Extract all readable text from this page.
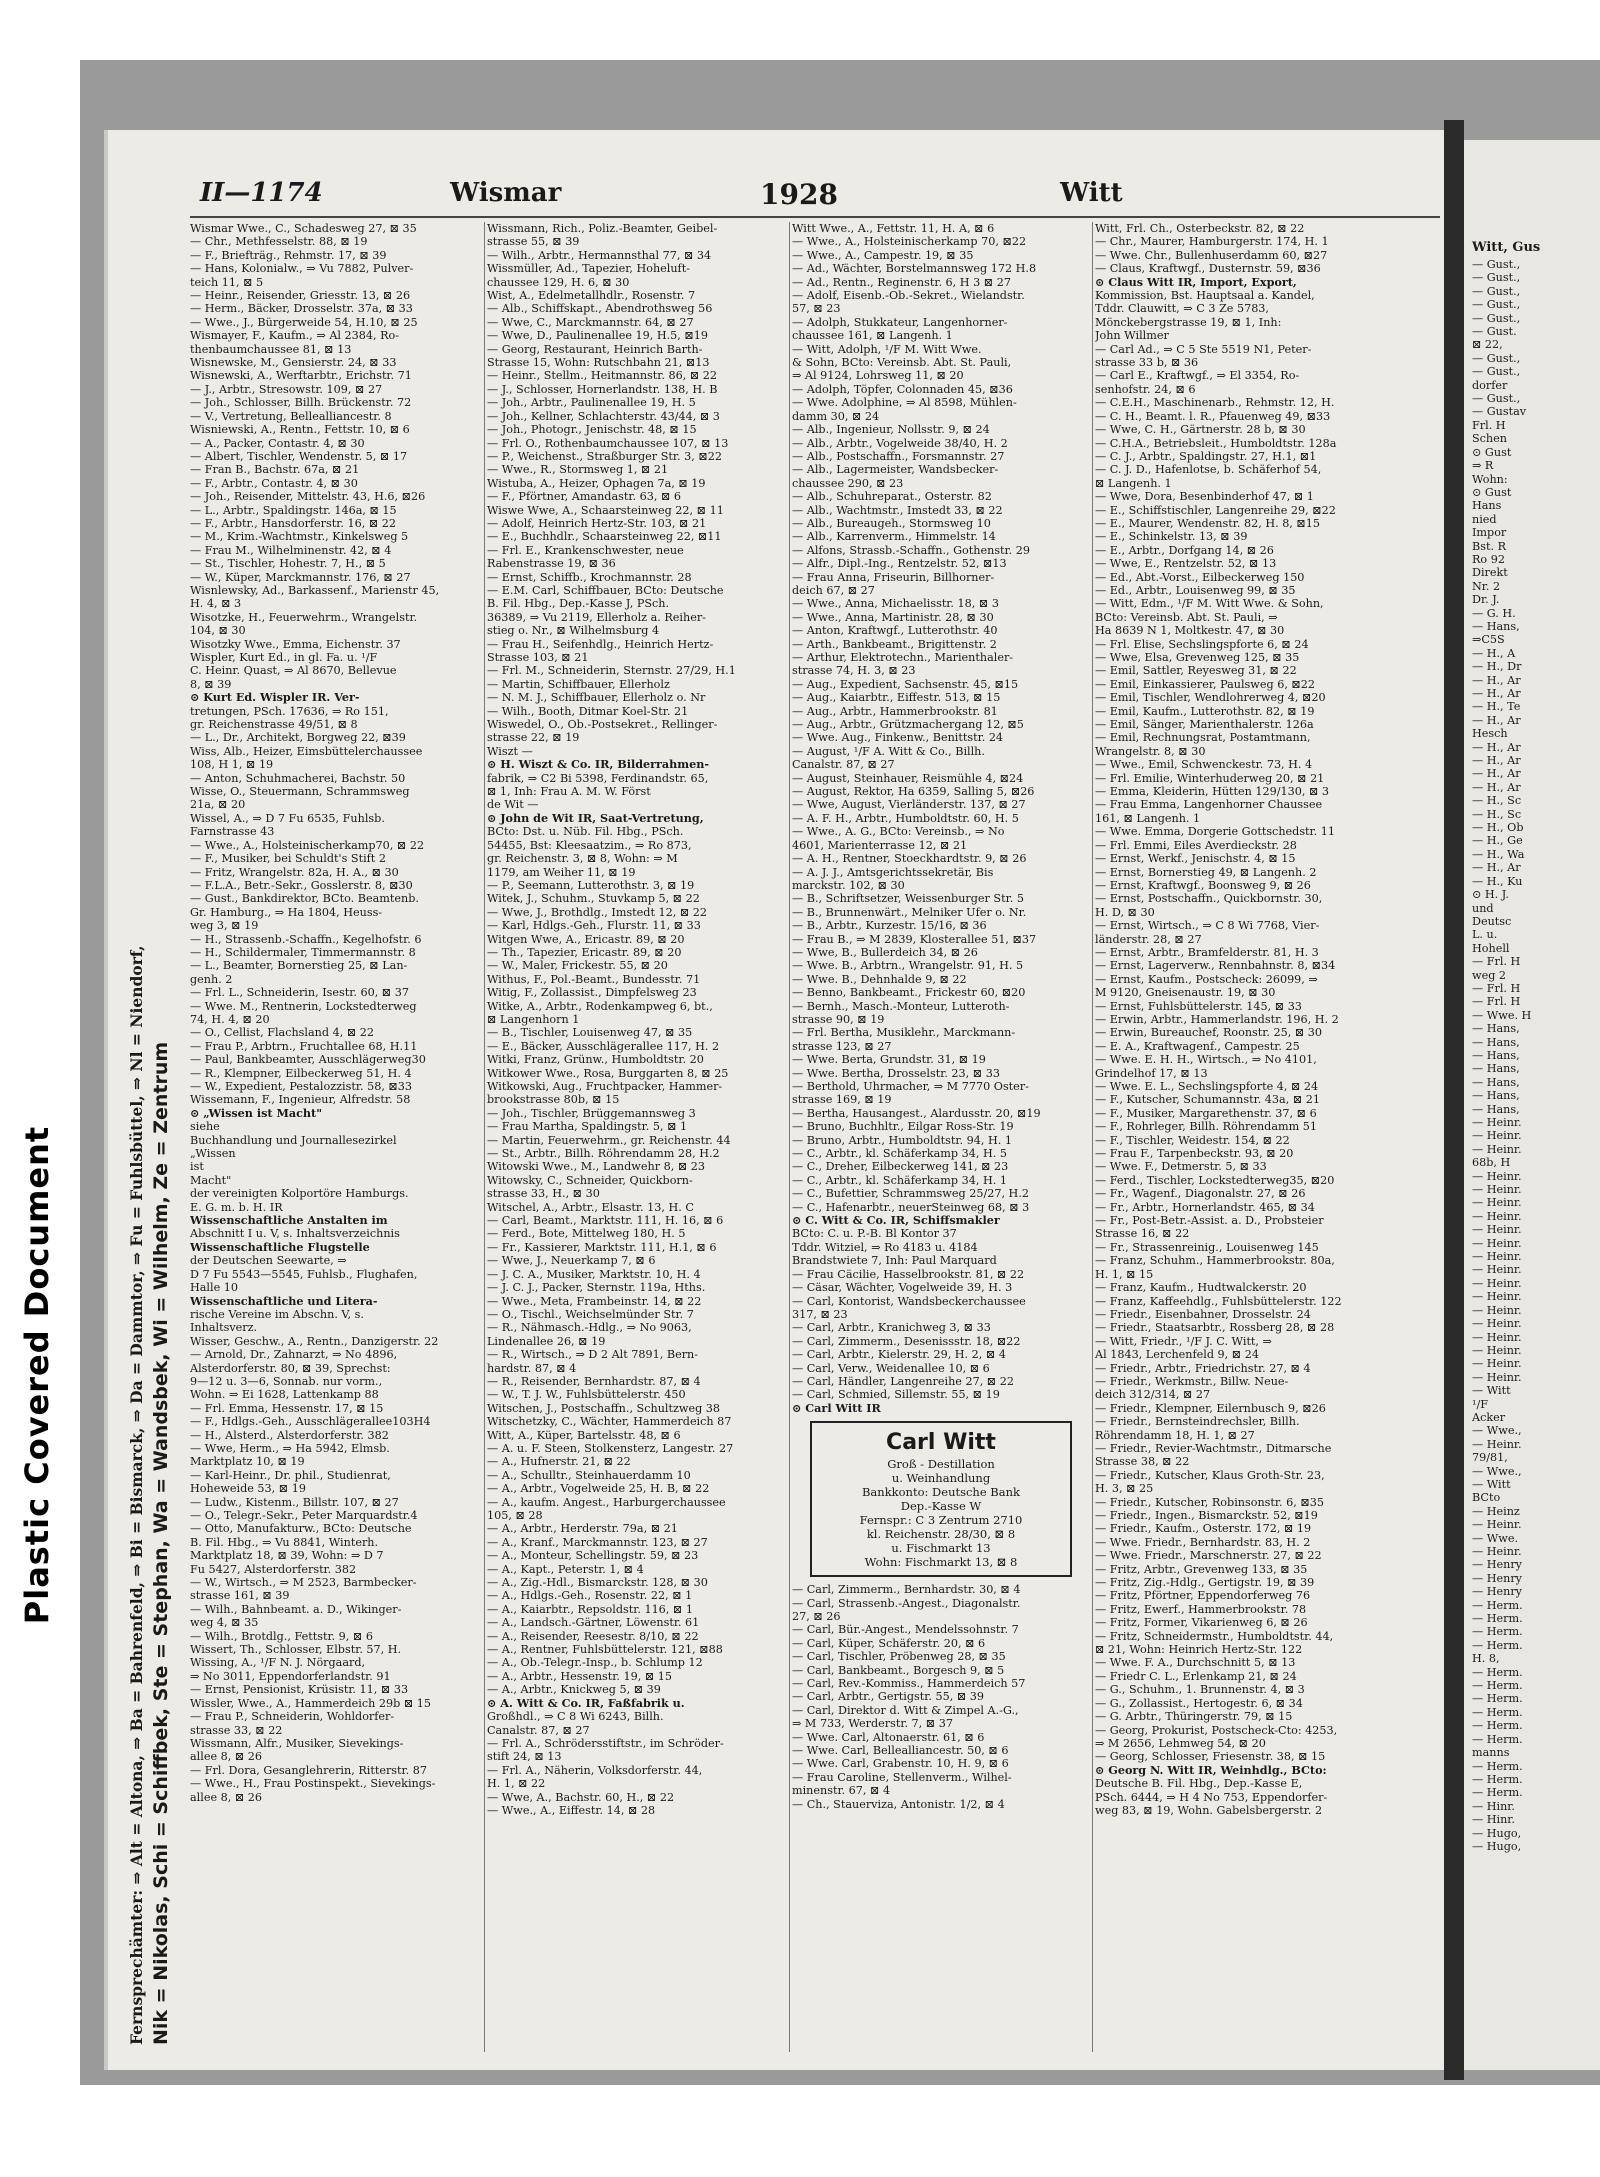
Plastic Covered Document
Witt, Gus
— Gust.,
— Gust.,
— Gust.,
— Gust.,
— Gust.,
— Gust.
⊠ 22,
— Gust.,
— Gust.,
dorfer
— Gust.,
— Gustav
Frl. H
Schen
⊙ Gust
⇒ R
Wohn:
⊙ Gust
Hans
nied
Impor
Bst. R
Ro 92
Direkt
Nr. 2
Dr. J.
— G. H.
— Hans,
⇒C5S
— H., A
— H., Dr
— H., Ar
— H., Ar
— H., Te
— H., Ar
Hesch
— H., Ar
— H., Ar
— H., Ar
— H., Ar
— H., Sc
— H., Sc
— H., Ob
— H., Ge
— H., Wa
— H., Ar
— H., Ku
⊙ H. J.
und
Deutsc
L. u.
Hohell
— Frl. H
weg 2
— Frl. H
— Frl. H
— Wwe. H
— Hans,
— Hans,
— Hans,
— Hans,
— Hans,
— Hans,
— Hans,
— Heinr.
— Heinr.
— Heinr.
68b, H
— Heinr.
— Heinr.
— Heinr.
— Heinr.
— Heinr.
— Heinr.
— Heinr.
— Heinr.
— Heinr.
— Heinr.
— Heinr.
— Heinr.
— Heinr.
— Heinr.
— Heinr.
— Heinr.
— Witt
¹/F
Acker
— Wwe.,
— Heinr.
79/81,
— Wwe.,
— Witt
BCto
— Heinz
— Heinr.
— Wwe.
— Heinr.
— Henry
— Henry
— Henry
— Herm.
— Herm.
— Herm.
— Herm.
H. 8,
— Herm.
— Herm.
— Herm.
— Herm.
— Herm.
— Herm.
manns
— Herm.
— Herm.
— Herm.
— Hinr.
— Hinr.
— Hugo,
— Hugo,
II—1174	Wismar	1928	Witt
Fernsprechämter: ⇒ Alt = Altona, ⇒ Ba = Bahrenfeld, ⇒ Bi = Bismarck, ⇒ Da = Dammtor, ⇒ Fu = Fuhlsbüttel, ⇒ Nl = Niendorf, Nik = Nikolas, Schi = Schiffbek, Ste = Stephan, Wa = Wandsbek, Wi = Wilhelm, Ze = Zentrum
Wismar Wwe., C., Schadesweg 27, ⊠ 35
— Chr., Methfesselstr. 88, ⊠ 19
— F., Briefträg., Rehmstr. 17, ⊠ 39
— Hans, Kolonialw., ⇒ Vu 7882, Pulver-
teich 11, ⊠ 5
— Heinr., Reisender, Griesstr. 13, ⊠ 26
— Herm., Bäcker, Drosselstr. 37a, ⊠ 33
— Wwe., J., Bürgerweide 54, H.10, ⊠ 25
Wismayer, F., Kaufm., ⇒ Al 2384, Ro-
thenbaumchaussee 81, ⊠ 13
Wisnewske, M., Gensierstr. 24, ⊠ 33
Wisnewski, A., Werftarbtr., Erichstr. 71
— J., Arbtr., Stresowstr. 109, ⊠ 27
— Joh., Schlosser, Billh. Brückenstr. 72
— V., Vertretung, Bellealliancestr. 8
Wisniewski, A., Rentn., Fettstr. 10, ⊠ 6
— A., Packer, Contastr. 4, ⊠ 30
— Albert, Tischler, Wendenstr. 5, ⊠ 17
— Fran B., Bachstr. 67a, ⊠ 21
— F., Arbtr., Contastr. 4, ⊠ 30
— Joh., Reisender, Mittelstr. 43, H.6, ⊠26
— L., Arbtr., Spaldingstr. 146a, ⊠ 15
— F., Arbtr., Hansdorferstr. 16, ⊠ 22
— M., Krim.-Wachtmstr., Kinkelsweg 5
— Frau M., Wilhelminenstr. 42, ⊠ 4
— St., Tischler, Hohestr. 7, H., ⊠ 5
— W., Küper, Marckmannstr. 176, ⊠ 27
Wisnlewsky, Ad., Barkassenf., Marienstr 45,
H. 4, ⊠ 3
Wisotzke, H., Feuerwehrm., Wrangelstr.
104, ⊠ 30
Wisotzky Wwe., Emma, Eichenstr. 37
Wispler, Kurt Ed., in gl. Fa. u. ¹/F
C. Heinr. Quast, ⇒ Al 8670, Bellevue
8, ⊠ 39
⊙ Kurt Ed. Wispler IR. Ver-
tretungen, PSch. 17636, ⇒ Ro 151,
gr. Reichenstrasse 49/51, ⊠ 8
— L., Dr., Architekt, Borgweg 22, ⊠39
Wiss, Alb., Heizer, Eimsbüttelerchaussee
108, H 1, ⊠ 19
— Anton, Schuhmacherei, Bachstr. 50
Wisse, O., Steuermann, Schrammsweg
21a, ⊠ 20
Wissel, A., ⇒ D 7 Fu 6535, Fuhlsb.
Farnstrasse 43
— Wwe., A., Holsteinischerkamp70, ⊠ 22
— F., Musiker, bei Schuldt's Stift 2
— Fritz, Wrangelstr. 82a, H. A., ⊠ 30
— F.L.A., Betr.-Sekr., Gosslerstr. 8, ⊠30
— Gust., Bankdirektor, BCto. Beamtenb.
Gr. Hamburg., ⇒ Ha 1804, Heuss-
weg 3, ⊠ 19
— H., Strassenb.-Schaffn., Kegelhofstr. 6
— H., Schildermaler, Timmermannstr. 8
— L., Beamter, Bornerstieg 25, ⊠ Lan-
genh. 2
— Frl. L., Schneiderin, Isestr. 60, ⊠ 37
— Wwe. M., Rentnerin, Lockstedterweg
74, H. 4, ⊠ 20
— O., Cellist, Flachsland 4, ⊠ 22
— Frau P., Arbtrn., Fruchtallee 68, H.11
— Paul, Bankbeamter, Ausschlägerweg30
— R., Klempner, Eilbeckerweg 51, H. 4
— W., Expedient, Pestalozzistr. 58, ⊠33
Wissemann, F., Ingenieur, Alfredstr. 58
⊙ „Wissen ist Macht"
siehe
Buchhandlung und Journallesezirkel
„Wissen
ist
Macht"
der vereinigten Kolportöre Hamburgs.
E. G. m. b. H. IR
Wissenschaftliche Anstalten im
Abschnitt I u. V, s. Inhaltsverzeichnis
Wissenschaftliche Flugstelle
der Deutschen Seewarte, ⇒
D 7 Fu 5543—5545, Fuhlsb., Flughafen,
Halle 10
Wissenschaftliche und Litera-
rische Vereine im Abschn. V, s.
Inhaltsverz.
Wisser, Geschw., A., Rentn., Danzigerstr. 22
— Arnold, Dr., Zahnarzt, ⇒ No 4896,
Alsterdorferstr. 80, ⊠ 39, Sprechst:
9—12 u. 3—6, Sonnab. nur vorm.,
Wohn. ⇒ Ei 1628, Lattenkamp 88
— Frl. Emma, Hessenstr. 17, ⊠ 15
— F., Hdlgs.-Geh., Ausschlägerallee103H4
— H., Alsterd., Alsterdorferstr. 382
— Wwe, Herm., ⇒ Ha 5942, Elmsb.
Marktplatz 10, ⊠ 19
— Karl-Heinr., Dr. phil., Studienrat,
Hoheweide 53, ⊠ 19
— Ludw., Kistenm., Billstr. 107, ⊠ 27
— O., Telegr.-Sekr., Peter Marquardstr.4
— Otto, Manufakturw., BCto: Deutsche
B. Fil. Hbg., ⇒ Vu 8841, Winterh.
Marktplatz 18, ⊠ 39, Wohn: ⇒ D 7
Fu 5427, Alsterdorferstr. 382
— W., Wirtsch., ⇒ M 2523, Barmbecker-
strasse 161, ⊠ 39
— Wilh., Bahnbeamt. a. D., Wikinger-
weg 4, ⊠ 35
— Wilh., Brotdlg., Fettstr. 9, ⊠ 6
Wissert, Th., Schlosser, Elbstr. 57, H.
Wissing, A., ¹/F N. J. Nörgaard,
⇒ No 3011, Eppendorferlandstr. 91
— Ernst, Pensionist, Krüsistr. 11, ⊠ 33
Wissler, Wwe., A., Hammerdeich 29b ⊠ 15
— Frau P., Schneiderin, Wohldorfer-
strasse 33, ⊠ 22
Wissmann, Alfr., Musiker, Sievekings-
allee 8, ⊠ 26
— Frl. Dora, Gesanglehrerin, Ritterstr. 87
— Wwe., H., Frau Postinspekt., Sievekings-
allee 8, ⊠ 26
Wissmann, Rich., Poliz.-Beamter, Geibel-
strasse 55, ⊠ 39
— Wilh., Arbtr., Hermannsthal 77, ⊠ 34
Wissmüller, Ad., Tapezier, Hoheluft-
chaussee 129, H. 6, ⊠ 30
Wist, A., Edelmetallhdlr., Rosenstr. 7
— Alb., Schiffskapt., Abendrothsweg 56
— Wwe, C., Marckmannstr. 64, ⊠ 27
— Wwe, D., Paulinenallee 19, H.5, ⊠19
— Georg, Restaurant, Heinrich Barth-
Strasse 15, Wohn: Rutschbahn 21, ⊠13
— Heinr., Stellm., Heitmannstr. 86, ⊠ 22
— J., Schlosser, Hornerlandstr. 138, H. B
— Joh., Arbtr., Paulinenallee 19, H. 5
— Joh., Kellner, Schlachterstr. 43/44, ⊠ 3
— Joh., Photogr., Jenischstr. 48, ⊠ 15
— Frl. O., Rothenbaumchaussee 107, ⊠ 13
— P., Weichenst., Straßburger Str. 3, ⊠22
— Wwe., R., Stormsweg 1, ⊠ 21
Wistuba, A., Heizer, Ophagen 7a, ⊠ 19
— F., Pförtner, Amandastr. 63, ⊠ 6
Wiswe Wwe, A., Schaarsteinweg 22, ⊠ 11
— Adolf, Heinrich Hertz-Str. 103, ⊠ 21
— E., Buchhdlr., Schaarsteinweg 22, ⊠11
— Frl. E., Krankenschwester, neue
Rabenstrasse 19, ⊠ 36
— Ernst, Schiffb., Krochmannstr. 28
— E.M. Carl, Schiffbauer, BCto: Deutsche
B. Fil. Hbg., Dep.-Kasse J, PSch.
36389, ⇒ Vu 2119, Ellerholz a. Reiher-
stieg o. Nr., ⊠ Wilhelmsburg 4
— Frau H., Seifenhdlg., Heinrich Hertz-
Strasse 103, ⊠ 21
— Frl. M., Schneiderin, Sternstr. 27/29, H.1
— Martin, Schiffbauer, Ellerholz
— N. M. J., Schiffbauer, Ellerholz o. Nr
— Wilh., Booth, Ditmar Koel-Str. 21
Wiswedel, O., Ob.-Postsekret., Rellinger-
strasse 22, ⊠ 19
Wiszt —
⊙ H. Wiszt & Co. IR, Bilderrahmen-
fabrik, ⇒ C2 Bi 5398, Ferdinandstr. 65,
⊠ 1, Inh: Frau A. M. W. Först
de Wit —
⊙ John de Wit IR, Saat-Vertretung,
BCto: Dst. u. Nüb. Fil. Hbg., PSch.
54455, Bst: Kleesaatzim., ⇒ Ro 873,
gr. Reichenstr. 3, ⊠ 8, Wohn: ⇒ M
1179, am Weiher 11, ⊠ 19
— P., Seemann, Lutterothstr. 3, ⊠ 19
Witek, J., Schuhm., Stuvkamp 5, ⊠ 22
— Wwe, J., Brothdlg., Imstedt 12, ⊠ 22
— Karl, Hdlgs.-Geh., Flurstr. 11, ⊠ 33
Witgen Wwe, A., Ericastr. 89, ⊠ 20
— Th., Tapezier, Ericastr. 89, ⊠ 20
— W., Maler, Frickestr. 55, ⊠ 20
Withus, F., Pol.-Beamt., Bundesstr. 71
Witig, F., Zollassist., Dimpfelsweg 23
Witke, A., Arbtr., Rodenkampweg 6, bt.,
⊠ Langenhorn 1
— B., Tischler, Louisenweg 47, ⊠ 35
— E., Bäcker, Ausschlägerallee 117, H. 2
Witki, Franz, Grünw., Humboldtstr. 20
Witkower Wwe., Rosa, Burggarten 8, ⊠ 25
Witkowski, Aug., Fruchtpacker, Hammer-
brookstrasse 80b, ⊠ 15
— Joh., Tischler, Brüggemannsweg 3
— Frau Martha, Spaldingstr. 5, ⊠ 1
— Martin, Feuerwehrm., gr. Reichenstr. 44
— St., Arbtr., Billh. Röhrendamm 28, H.2
Witowski Wwe., M., Landwehr 8, ⊠ 23
Witowsky, C., Schneider, Quickborn-
strasse 33, H., ⊠ 30
Witschel, A., Arbtr., Elsastr. 13, H. C
— Carl, Beamt., Marktstr. 111, H. 16, ⊠ 6
— Ferd., Bote, Mittelweg 180, H. 5
— Fr., Kassierer, Marktstr. 111, H.1, ⊠ 6
— Wwe, J., Neuerkamp 7, ⊠ 6
— J. C. A., Musiker, Marktstr. 10, H. 4
— J. C. J., Packer, Sternstr. 119a, Hths.
— Wwe., Meta, Frambeinstr. 14, ⊠ 22
— O., Tischl., Weichselmünder Str. 7
— R., Nähmasch.-Hdlg., ⇒ No 9063,
Lindenallee 26, ⊠ 19
— R., Wirtsch., ⇒ D 2 Alt 7891, Bern-
hardstr. 87, ⊠ 4
— R., Reisender, Bernhardstr. 87, ⊠ 4
— W., T. J. W., Fuhlsbüttelerstr. 450
Witschen, J., Postschaffn., Schultzweg 38
Witschetzky, C., Wächter, Hammerdeich 87
Witt, A., Küper, Bartelsstr. 48, ⊠ 6
— A. u. F. Steen, Stolkensterz, Langestr. 27
— A., Hufnerstr. 21, ⊠ 22
— A., Schulltr., Steinhauerdamm 10
— A., Arbtr., Vogelweide 25, H. B, ⊠ 22
— A., kaufm. Angest., Harburgerchaussee
105, ⊠ 28
— A., Arbtr., Herderstr. 79a, ⊠ 21
— A., Kranf., Marckmannstr. 123, ⊠ 27
— A., Monteur, Schellingstr. 59, ⊠ 23
— A., Kapt., Peterstr. 1, ⊠ 4
— A., Zig.-Hdl., Bismarckstr. 128, ⊠ 30
— A., Hdlgs.-Geh., Rosenstr. 22, ⊠ 1
— A., Kaiarbtr., Repsoldstr. 116, ⊠ 1
— A., Landsch.-Gärtner, Löwenstr. 61
— A., Reisender, Reesestr. 8/10, ⊠ 22
— A., Rentner, Fuhlsbüttelerstr. 121, ⊠88
— A., Ob.-Telegr.-Insp., b. Schlump 12
— A., Arbtr., Hessenstr. 19, ⊠ 15
— A., Arbtr., Knickweg 5, ⊠ 39
⊙ A. Witt & Co. IR, Faßfabrik u.
Großhdl., ⇒ C 8 Wi 6243, Billh.
Canalstr. 87, ⊠ 27
— Frl. A., Schrödersstiftstr., im Schröder-
stift 24, ⊠ 13
— Frl. A., Näherin, Volksdorferstr. 44,
H. 1, ⊠ 22
— Wwe, A., Bachstr. 60, H., ⊠ 22
— Wwe., A., Eiffestr. 14, ⊠ 28
Witt Wwe., A., Fettstr. 11, H. A, ⊠ 6
— Wwe., A., Holsteinischerkamp 70, ⊠22
— Wwe., A., Campestr. 19, ⊠ 35
— Ad., Wächter, Borstelmannsweg 172 H.8
— Ad., Rentn., Reginenstr. 6, H 3 ⊠ 27
— Adolf, Eisenb.-Ob.-Sekret., Wielandstr.
57, ⊠ 23
— Adolph, Stukkateur, Langenhorner-
chaussee 161, ⊠ Langenh. 1
— Witt, Adolph, ¹/F M. Witt Wwe.
& Sohn, BCto: Vereinsb. Abt. St. Pauli,
⇒ Al 9124, Lohrsweg 11, ⊠ 20
— Adolph, Töpfer, Colonnaden 45, ⊠36
— Wwe. Adolphine, ⇒ Al 8598, Mühlen-
damm 30, ⊠ 24
— Alb., Ingenieur, Nollsstr. 9, ⊠ 24
— Alb., Arbtr., Vogelweide 38/40, H. 2
— Alb., Postschaffn., Forsmannstr. 27
— Alb., Lagermeister, Wandsbecker-
chaussee 290, ⊠ 23
— Alb., Schuhreparat., Osterstr. 82
— Alb., Wachtmstr., Imstedt 33, ⊠ 22
— Alb., Bureaugeh., Stormsweg 10
— Alb., Karrenverm., Himmelstr. 14
— Alfons, Strassb.-Schaffn., Gothenstr. 29
— Alfr., Dipl.-Ing., Rentzelstr. 52, ⊠13
— Frau Anna, Friseurin, Billhorner-
deich 67, ⊠ 27
— Wwe., Anna, Michaelisstr. 18, ⊠ 3
— Wwe., Anna, Martinistr. 28, ⊠ 30
— Anton, Kraftwgf., Lutterothstr. 40
— Arth., Bankbeamt., Brigittenstr. 2
— Arthur, Elektrotechn., Marienthaler-
strasse 74, H. 3, ⊠ 23
— Aug., Expedient, Sachsenstr. 45, ⊠15
— Aug., Kaiarbtr., Eiffestr. 513, ⊠ 15
— Aug., Arbtr., Hammerbrookstr. 81
— Aug., Arbtr., Grützmachergang 12, ⊠5
— Wwe. Aug., Finkenw., Benittstr. 24
— August, ¹/F A. Witt & Co., Billh.
Canalstr. 87, ⊠ 27
— August, Steinhauer, Reismühle 4, ⊠24
— August, Rektor, Ha 6359, Salling 5, ⊠26
— Wwe, August, Vierländerstr. 137, ⊠ 27
— A. F. H., Arbtr., Humboldtstr. 60, H. 5
— Wwe., A. G., BCto: Vereinsb., ⇒ No
4601, Marienterrasse 12, ⊠ 21
— A. H., Rentner, Stoeckhardtstr. 9, ⊠ 26
— A. J. J., Amtsgerichtssekretär, Bis
marckstr. 102, ⊠ 30
— B., Schriftsetzer, Weissenburger Str. 5
— B., Brunnenwärt., Melniker Ufer o. Nr.
— B., Arbtr., Kurzestr. 15/16, ⊠ 36
— Frau B., ⇒ M 2839, Klosterallee 51, ⊠37
— Wwe, B., Bullerdeich 34, ⊠ 26
— Wwe. B., Arbtrn., Wrangelstr. 91, H. 5
— Wwe. B., Dehnhalde 9, ⊠ 22
— Benno, Bankbeamt., Frickestr 60, ⊠20
— Bernh., Masch.-Monteur, Lutteroth-
strasse 90, ⊠ 19
— Frl. Bertha, Musiklehr., Marckmann-
strasse 123, ⊠ 27
— Wwe. Berta, Grundstr. 31, ⊠ 19
— Wwe. Bertha, Drosselstr. 23, ⊠ 33
— Berthold, Uhrmacher, ⇒ M 7770 Oster-
strasse 169, ⊠ 19
— Bertha, Hausangest., Alardusstr. 20, ⊠19
— Bruno, Buchhltr., Eilgar Ross-Str. 19
— Bruno, Arbtr., Humboldtstr. 94, H. 1
— C., Arbtr., kl. Schäferkamp 34, H. 5
— C., Dreher, Eilbeckerweg 141, ⊠ 23
— C., Arbtr., kl. Schäferkamp 34, H. 1
— C., Bufettier, Schrammsweg 25/27, H.2
— C., Hafenarbtr., neuerSteinweg 68, ⊠ 3
⊙ C. Witt & Co. IR, Schiffsmakler
BCto: C. u. P.-B. Bl Kontor 37
Tddr. Witziel, ⇒ Ro 4183 u. 4184
Brandstwiete 7, Inh: Paul Marquard
— Frau Cäcilie, Hasselbrookstr. 81, ⊠ 22
— Cäsar, Wächter, Vogelweide 39, H. 3
— Carl, Kontorist, Wandsbeckerchaussee
317, ⊠ 23
— Carl, Arbtr., Kranichweg 3, ⊠ 33
— Carl, Zimmerm., Desenissstr. 18, ⊠22
— Carl, Arbtr., Kielerstr. 29, H. 2, ⊠ 4
— Carl, Verw., Weidenallee 10, ⊠ 6
— Carl, Händler, Langenreihe 27, ⊠ 22
— Carl, Schmied, Sillemstr. 55, ⊠ 19
⊙ Carl Witt IR
Carl Witt
Groß - Destillation
u. Weinhandlung
Bankkonto: Deutsche Bank
Dep.-Kasse W
Fernspr.: C 3 Zentrum 2710
kl. Reichenstr. 28/30, ⊠ 8
u. Fischmarkt 13
Wohn: Fischmarkt 13, ⊠ 8
— Carl, Zimmerm., Bernhardstr. 30, ⊠ 4
— Carl, Strassenb.-Angest., Diagonalstr.
27, ⊠ 26
— Carl, Bür.-Angest., Mendelssohnstr. 7
— Carl, Küper, Schäferstr. 20, ⊠ 6
— Carl, Tischler, Pröbenweg 28, ⊠ 35
— Carl, Bankbeamt., Borgesch 9, ⊠ 5
— Carl, Rev.-Kommiss., Hammerdeich 57
— Carl, Arbtr., Gertigstr. 55, ⊠ 39
— Carl, Direktor d. Witt & Zimpel A.-G.,
⇒ M 733, Werderstr. 7, ⊠ 37
— Wwe. Carl, Altonaerstr. 61, ⊠ 6
— Wwe. Carl, Bellealliancestr. 50, ⊠ 6
— Wwe. Carl, Grabenstr. 10, H. 9, ⊠ 6
— Frau Caroline, Stellenverm., Wilhel-
minenstr. 67, ⊠ 4
— Ch., Stauerviza, Antonistr. 1/2, ⊠ 4
Witt, Frl. Ch., Osterbeckstr. 82, ⊠ 22
— Chr., Maurer, Hamburgerstr. 174, H. 1
— Wwe. Chr., Bullenhuserdamm 60, ⊠27
— Claus, Kraftwgf., Dusternstr. 59, ⊠36
⊙ Claus Witt IR, Import, Export,
Kommission, Bst. Hauptsaal a. Kandel,
Tddr. Clauwitt, ⇒ C 3 Ze 5783,
Mönckebergstrasse 19, ⊠ 1, Inh:
John Willmer
— Carl Ad., ⇒ C 5 Ste 5519 N1, Peter-
strasse 33 b, ⊠ 36
— Carl E., Kraftwgf., ⇒ El 3354, Ro-
senhofstr. 24, ⊠ 6
— C.E.H., Maschinenarb., Rehmstr. 12, H.
— C. H., Beamt. l. R., Pfauenweg 49, ⊠33
— Wwe, C. H., Gärtnerstr. 28 b, ⊠ 30
— C.H.A., Betriebsleit., Humboldtstr. 128a
— C. J., Arbtr., Spaldingstr. 27, H.1, ⊠1
— C. J. D., Hafenlotse, b. Schäferhof 54,
⊠ Langenh. 1
— Wwe, Dora, Besenbinderhof 47, ⊠ 1
— E., Schiffstischler, Langenreihe 29, ⊠22
— E., Maurer, Wendenstr. 82, H. 8, ⊠15
— E., Schinkelstr. 13, ⊠ 39
— E., Arbtr., Dorfgang 14, ⊠ 26
— Wwe, E., Rentzelstr. 52, ⊠ 13
— Ed., Abt.-Vorst., Eilbeckerweg 150
— Ed., Arbtr., Louisenweg 99, ⊠ 35
— Witt, Edm., ¹/F M. Witt Wwe. & Sohn,
BCto: Vereinsb. Abt. St. Pauli, ⇒
Ha 8639 N 1, Moltkestr. 47, ⊠ 30
— Frl. Elise, Sechslingspforte 6, ⊠ 24
— Wwe, Elsa, Grevenweg 125, ⊠ 35
— Emil, Sattler, Reyesweg 31, ⊠ 22
— Emil, Einkassierer, Paulsweg 6, ⊠22
— Emil, Tischler, Wendlohrerweg 4, ⊠20
— Emil, Kaufm., Lutterothstr. 82, ⊠ 19
— Emil, Sänger, Marienthalerstr. 126a
— Emil, Rechnungsrat, Postamtmann,
Wrangelstr. 8, ⊠ 30
— Wwe., Emil, Schwenckestr. 73, H. 4
— Frl. Emilie, Winterhuderweg 20, ⊠ 21
— Emma, Kleiderin, Hütten 129/130, ⊠ 3
— Frau Emma, Langenhorner Chaussee
161, ⊠ Langenh. 1
— Wwe. Emma, Dorgerie Gottschedstr. 11
— Frl. Emmi, Eiles Averdieckstr. 28
— Ernst, Werkf., Jenischstr. 4, ⊠ 15
— Ernst, Bornerstieg 49, ⊠ Langenh. 2
— Ernst, Kraftwgf., Boonsweg 9, ⊠ 26
— Ernst, Postschaffn., Quickbornstr. 30,
H. D, ⊠ 30
— Ernst, Wirtsch., ⇒ C 8 Wi 7768, Vier-
länderstr. 28, ⊠ 27
— Ernst, Arbtr., Bramfelderstr. 81, H. 3
— Ernst, Lagerverw., Rennbahnstr. 8, ⊠34
— Ernst, Kaufm., Postscheck: 26099, ⇒
M 9120, Gneisenaustr. 19, ⊠ 30
— Ernst, Fuhlsbüttelerstr. 145, ⊠ 33
— Erwin, Arbtr., Hammerlandstr. 196, H. 2
— Erwin, Bureauchef, Roonstr. 25, ⊠ 30
— E. A., Kraftwagenf., Campestr. 25
— Wwe. E. H. H., Wirtsch., ⇒ No 4101,
Grindelhof 17, ⊠ 13
— Wwe. E. L., Sechslingspforte 4, ⊠ 24
— F., Kutscher, Schumannstr. 43a, ⊠ 21
— F., Musiker, Margarethenstr. 37, ⊠ 6
— F., Rohrleger, Billh. Röhrendamm 51
— F., Tischler, Weidestr. 154, ⊠ 22
— Frau F., Tarpenbeckstr. 93, ⊠ 20
— Wwe. F., Detmerstr. 5, ⊠ 33
— Ferd., Tischler, Lockstedterweg35, ⊠20
— Fr., Wagenf., Diagonalstr. 27, ⊠ 26
— Fr., Arbtr., Hornerlandstr. 465, ⊠ 34
— Fr., Post-Betr.-Assist. a. D., Probsteier
Strasse 16, ⊠ 22
— Fr., Strassenreinig., Louisenweg 145
— Franz, Schuhm., Hammerbrookstr. 80a,
H. 1, ⊠ 15
— Franz, Kaufm., Hudtwalckerstr. 20
— Franz, Kaffeehdlg., Fuhlsbüttelerstr. 122
— Friedr., Eisenbahner, Drosselstr. 24
— Friedr., Staatsarbtr., Rossberg 28, ⊠ 28
— Witt, Friedr., ¹/F J. C. Witt, ⇒
Al 1843, Lerchenfeld 9, ⊠ 24
— Friedr., Arbtr., Friedrichstr. 27, ⊠ 4
— Friedr., Werkmstr., Billw. Neue-
deich 312/314, ⊠ 27
— Friedr., Klempner, Eilernbusch 9, ⊠26
— Friedr., Bernsteindrechsler, Billh.
Röhrendamm 18, H. 1, ⊠ 27
— Friedr., Revier-Wachtmstr., Ditmarsche
Strasse 38, ⊠ 22
— Friedr., Kutscher, Klaus Groth-Str. 23,
H. 3, ⊠ 25
— Friedr., Kutscher, Robinsonstr. 6, ⊠35
— Friedr., Ingen., Bismarckstr. 52, ⊠19
— Friedr., Kaufm., Osterstr. 172, ⊠ 19
— Wwe. Friedr., Bernhardstr. 83, H. 2
— Wwe. Friedr., Marschnerstr. 27, ⊠ 22
— Fritz, Arbtr., Grevenweg 133, ⊠ 35
— Fritz, Zig.-Hdlg., Gertigstr. 19, ⊠ 39
— Fritz, Pförtner, Eppendorferweg 76
— Fritz, Ewerf., Hammerbrookstr. 78
— Fritz, Former, Vikarienweg 6, ⊠ 26
— Fritz, Schneidermstr., Humboldtstr. 44,
⊠ 21, Wohn: Heinrich Hertz-Str. 122
— Wwe. F. A., Durchschnitt 5, ⊠ 13
— Friedr C. L., Erlenkamp 21, ⊠ 24
— G., Schuhm., 1. Brunnenstr. 4, ⊠ 3
— G., Zollassist., Hertogestr. 6, ⊠ 34
— G. Arbtr., Thüringerstr. 79, ⊠ 15
— Georg, Prokurist, Postscheck-Cto: 4253,
⇒ M 2656, Lehmweg 54, ⊠ 20
— Georg, Schlosser, Friesenstr. 38, ⊠ 15
⊙ Georg N. Witt IR, Weinhdlg., BCto:
Deutsche B. Fil. Hbg., Dep.-Kasse E,
PSch. 6444, ⇒ H 4 No 753, Eppendorfer-
weg 83, ⊠ 19, Wohn. Gabelsbergerstr. 2
